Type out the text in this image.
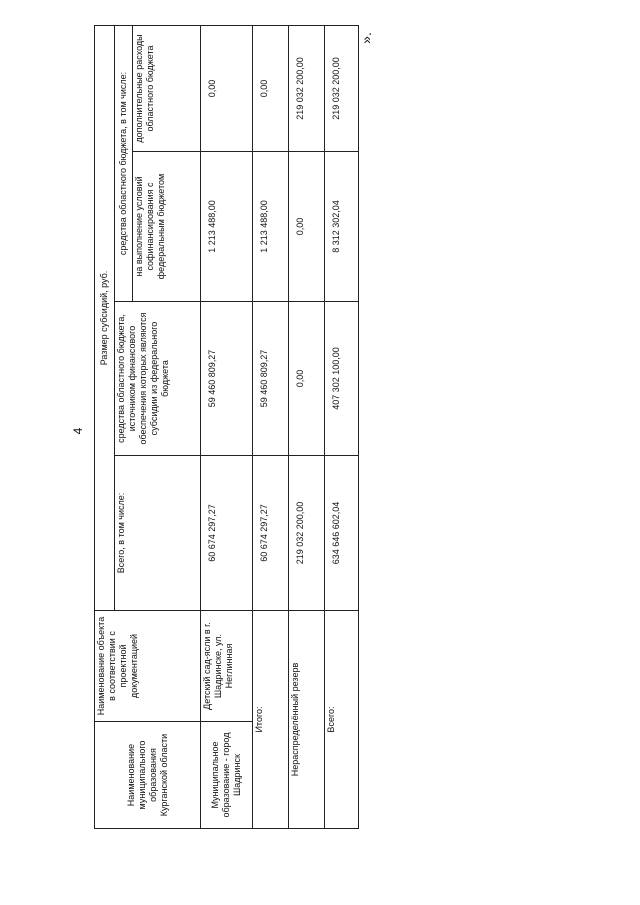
4
».
Наименование муниципального образования Курганской области	Наименование объекта в соответствии с проектной документацией	Размер субсидий, руб.			
		Всего, в том числе:	средства областного бюджета, источником финансового обеспечения которых являются субсидии из федерального бюджета	средства областного бюджета, в том числе:	
				на выполнение условий софинансирования с федеральным бюджетом	дополнительные расходы областного бюджета
Муниципальное образование - город Шадринск	Детский сад-ясли в г. Шадринске, ул. Неглинная	60 674 297,27	59 460 809,27	1 213 488,00	0,00
Итого:		60 674 297,27	59 460 809,27	1 213 488,00	0,00
Нераспределённый резерв		219 032 200,00	0,00	0,00	219 032 200,00
Всего:		634 646 602,04	407 302 100,00	8 312 302,04	219 032 200,00
